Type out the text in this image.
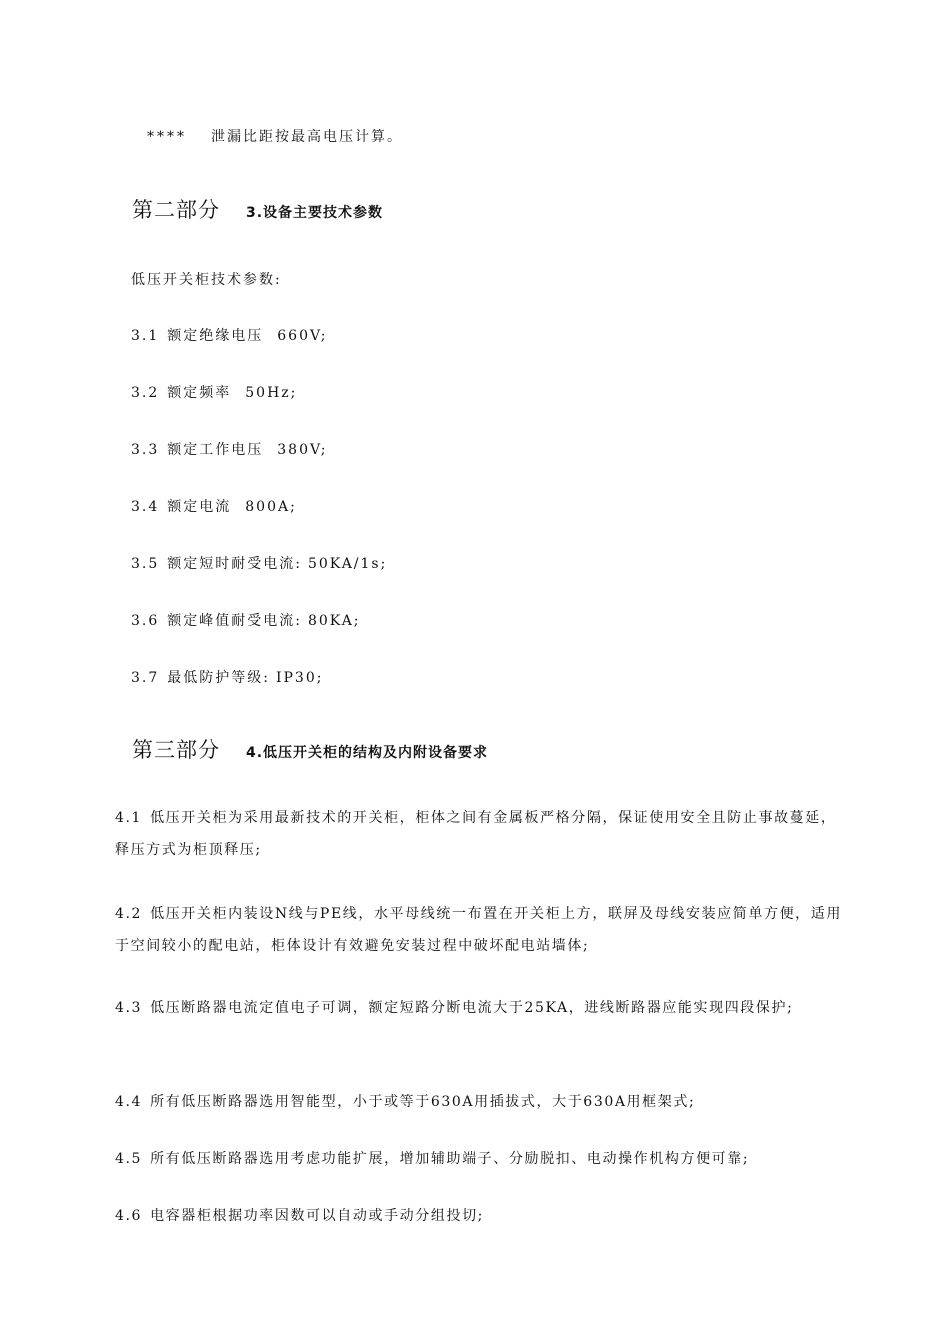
**** 泄漏比距按最高电压计算。
第二部分 3.设备主要技术参数
低压开关柜技术参数:
3.1 额定绝缘电压 660V;
3.2 额定频率 50Hz;
3.3 额定工作电压 380V;
3.4 额定电流 800A;
3.5 额定短时耐受电流: 50KA/1s;
3.6 额定峰值耐受电流: 80KA;
3.7 最低防护等级: IP30;
第三部分 4.低压开关柜的结构及内附设备要求
4.1 低压开关柜为采用最新技术的开关柜，柜体之间有金属板严格分隔，保证使用安全且防止事故蔓延，释压方式为柜顶释压;
4.2 低压开关柜内装设N线与PE线，水平母线统一布置在开关柜上方，联屏及母线安装应简单方便，适用于空间较小的配电站，柜体设计有效避免安装过程中破坏配电站墙体;
4.3 低压断路器电流定值电子可调，额定短路分断电流大于25KA，进线断路器应能实现四段保护;
4.4 所有低压断路器选用智能型，小于或等于630A用插拔式，大于630A用框架式;
4.5 所有低压断路器选用考虑功能扩展，增加辅助端子、分励脱扣、电动操作机构方便可靠;
4.6 电容器柜根据功率因数可以自动或手动分组投切;
